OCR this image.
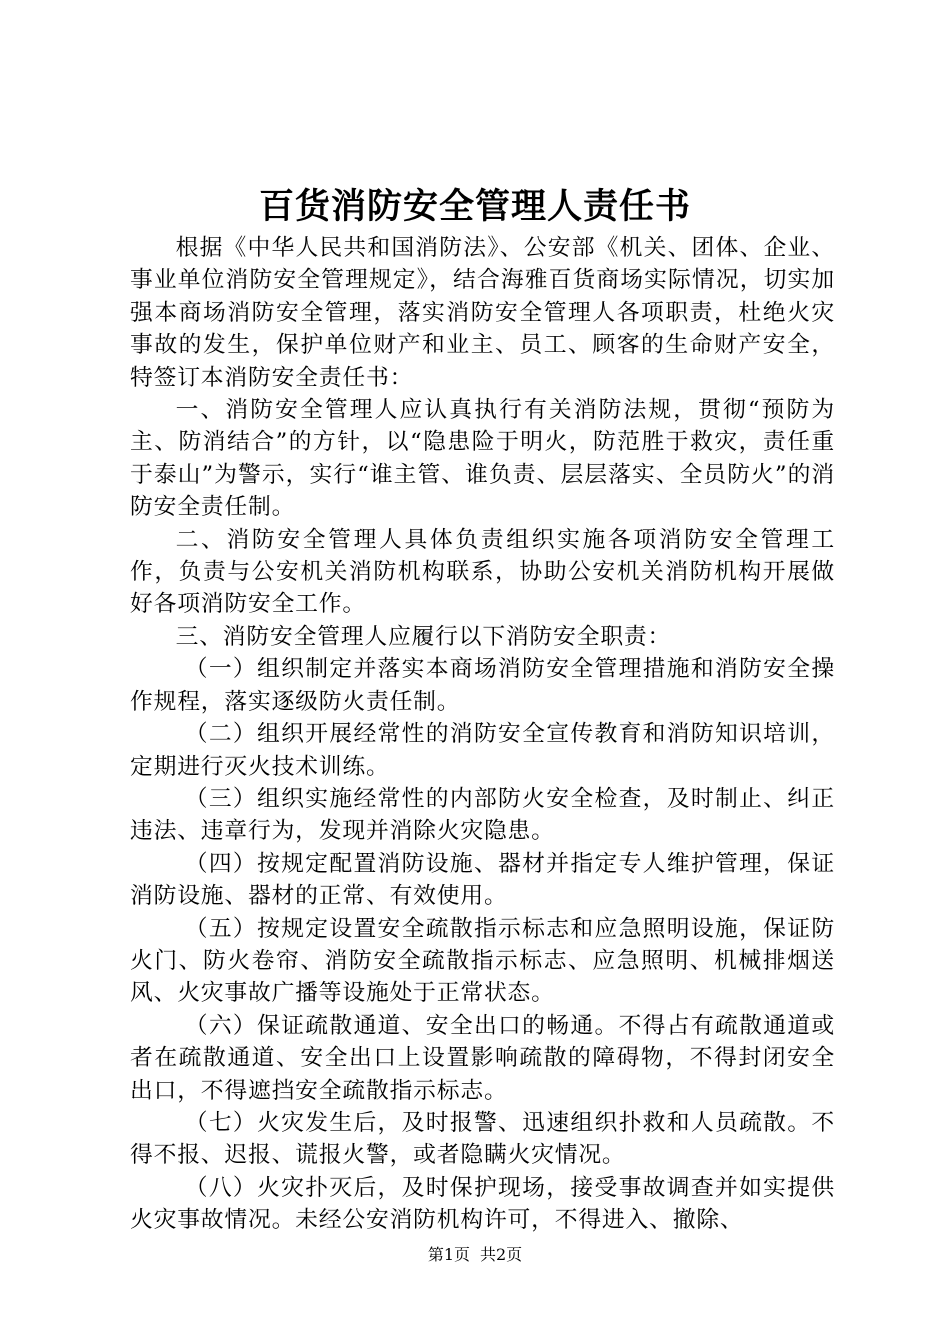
百货消防安全管理人责任书

根据《中华人民共和国消防法》、公安部《机关、团体、企业、事业单位消防安全管理规定》，结合海雅百货商场实际情况，切实加强本商场消防安全管理，落实消防安全管理人各项职责，杜绝火灾事故的发生，保护单位财产和业主、员工、顾客的生命财产安全，特签订本消防安全责任书：

一、消防安全管理人应认真执行有关消防法规，贯彻“预防为主、防消结合”的方针，以“隐患险于明火，防范胜于救灾，责任重于泰山”为警示，实行“谁主管、谁负责、层层落实、全员防火”的消防安全责任制。

二、消防安全管理人具体负责组织实施各项消防安全管理工作，负责与公安机关消防机构联系，协助公安机关消防机构开展做好各项消防安全工作。

三、消防安全管理人应履行以下消防安全职责：

（一）组织制定并落实本商场消防安全管理措施和消防安全操作规程，落实逐级防火责任制。

（二）组织开展经常性的消防安全宣传教育和消防知识培训，定期进行灭火技术训练。

（三）组织实施经常性的内部防火安全检查，及时制止、纠正违法、违章行为，发现并消除火灾隐患。

（四）按规定配置消防设施、器材并指定专人维护管理，保证消防设施、器材的正常、有效使用。

（五）按规定设置安全疏散指示标志和应急照明设施，保证防火门、防火卷帘、消防安全疏散指示标志、应急照明、机械排烟送风、火灾事故广播等设施处于正常状态。

（六）保证疏散通道、安全出口的畅通。不得占有疏散通道或者在疏散通道、安全出口上设置影响疏散的障碍物，不得封闭安全出口，不得遮挡安全疏散指示标志。

（七）火灾发生后，及时报警、迅速组织扑救和人员疏散。不得不报、迟报、谎报火警，或者隐瞒火灾情况。

（八）火灾扑灭后，及时保护现场，接受事故调查并如实提供火灾事故情况。未经公安消防机构许可，不得进入、撤除、

第1页 共2页
